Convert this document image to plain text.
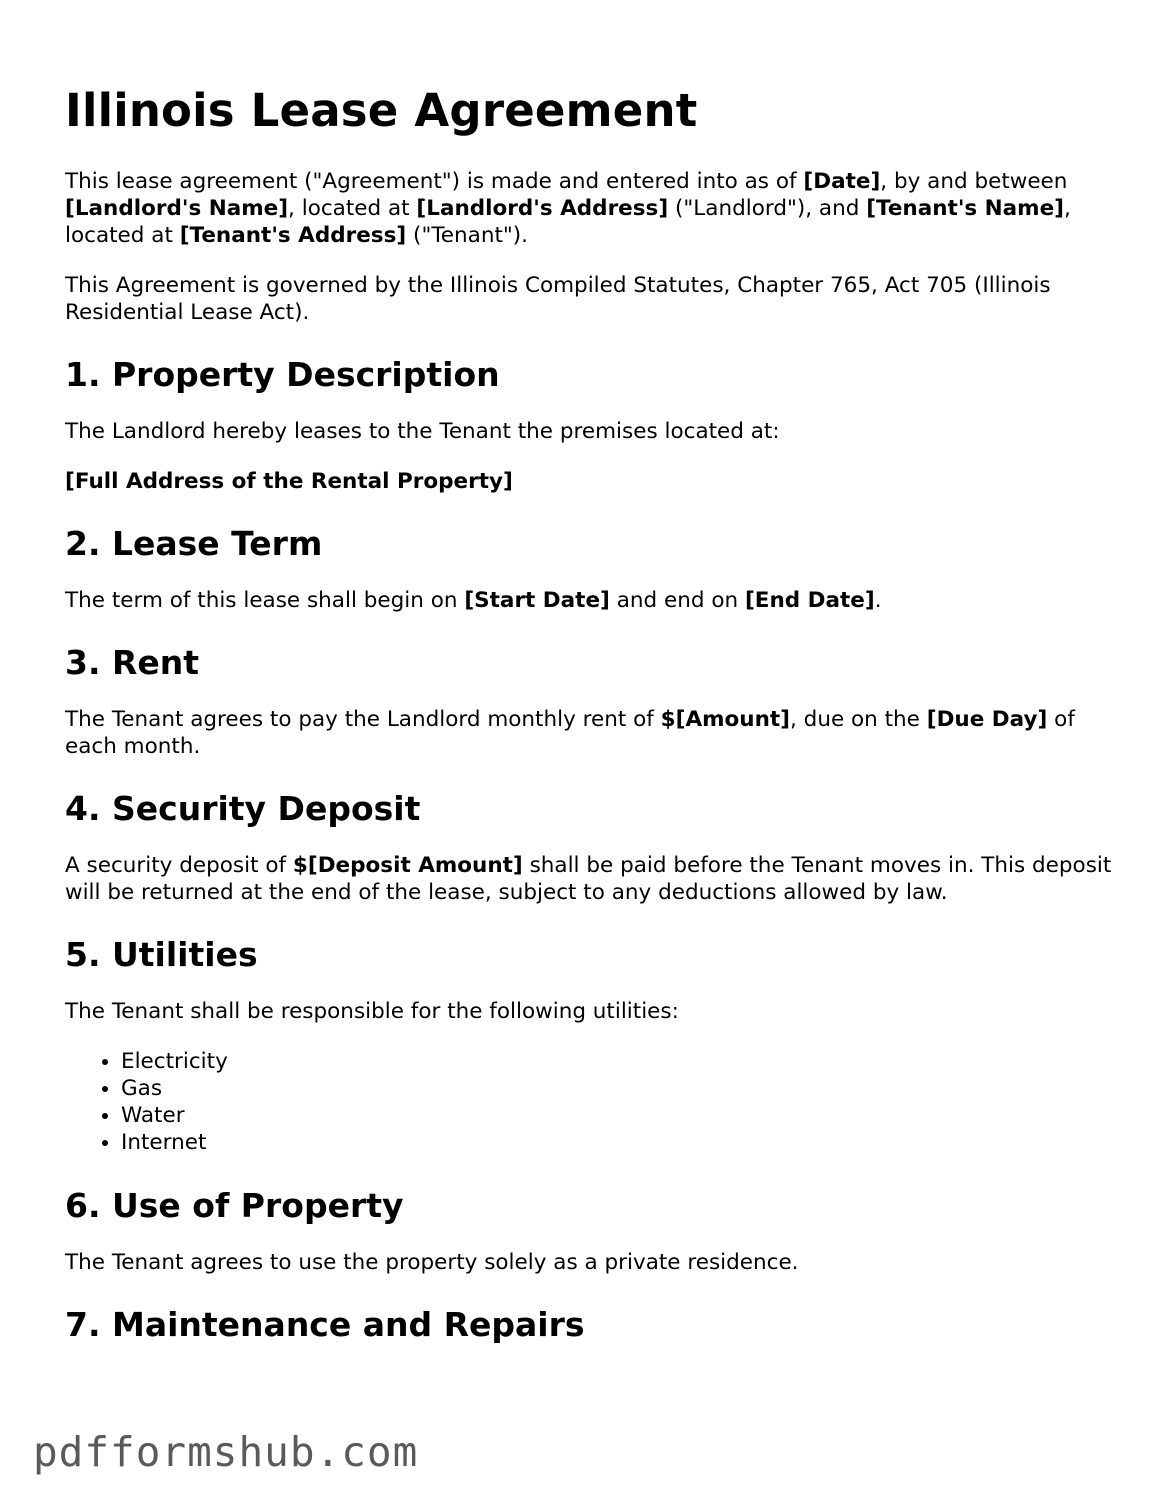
Illinois Lease Agreement

This lease agreement ("Agreement") is made and entered into as of [Date], by and between [Landlord's Name], located at [Landlord's Address] ("Landlord"), and [Tenant's Name], located at [Tenant's Address] ("Tenant").

This Agreement is governed by the Illinois Compiled Statutes, Chapter 765, Act 705 (Illinois Residential Lease Act).

1. Property Description

The Landlord hereby leases to the Tenant the premises located at:

[Full Address of the Rental Property]

2. Lease Term

The term of this lease shall begin on [Start Date] and end on [End Date].

3. Rent

The Tenant agrees to pay the Landlord monthly rent of $[Amount], due on the [Due Day] of each month.

4. Security Deposit

A security deposit of $[Deposit Amount] shall be paid before the Tenant moves in. This deposit will be returned at the end of the lease, subject to any deductions allowed by law.

5. Utilities

The Tenant shall be responsible for the following utilities:

• Electricity
• Gas
• Water
• Internet
6. Use of Property

The Tenant agrees to use the property solely as a private residence.

7. Maintenance and Repairs
pdfformshub.com
